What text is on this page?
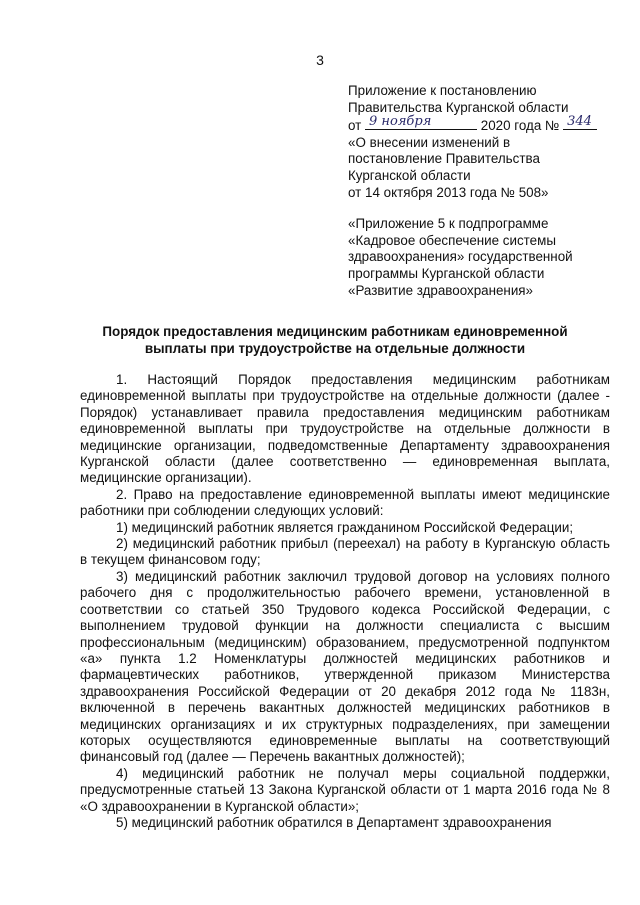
3
Приложение к постановлению
Правительства Курганской области
от 9 ноября	2020 года № 344
«О внесении изменений в
постановление Правительства
Курганской области
от 14 октября 2013 года № 508»
«Приложение 5 к подпрограмме
«Кадровое обеспечение системы
здравоохранения» государственной
программы Курганской области
«Развитие здравоохранения»
Порядок предоставления медицинским работникам единовременной
выплаты при трудоустройстве на отдельные должности

1. Настоящий Порядок предоставления медицинским работникам единовременной выплаты при трудоустройстве на отдельные должности (далее - Порядок) устанавливает правила предоставления медицинским работникам единовременной выплаты при трудоустройстве на отдельные должности в медицинские организации, подведомственные Департаменту здравоохранения Курганской области (далее соответственно — единовременная выплата, медицинские организации).

2. Право на предоставление единовременной выплаты имеют медицинские работники при соблюдении следующих условий:

1) медицинский работник является гражданином Российской Федерации;

2) медицинский работник прибыл (переехал) на работу в Курганскую область в текущем финансовом году;

3) медицинский работник заключил трудовой договор на условиях полного рабочего дня с продолжительностью рабочего времени, установленной в соответствии со статьей 350 Трудового кодекса Российской Федерации, с выполнением трудовой функции на должности специалиста с высшим профессиональным (медицинским) образованием, предусмотренной подпунктом «а» пункта 1.2 Номенклатуры должностей медицинских работников и фармацевтических работников, утвержденной приказом Министерства здравоохранения Российской Федерации от 20 декабря 2012 года № 1183н, включенной в перечень вакантных должностей медицинских работников в медицинских организациях и их структурных подразделениях, при замещении которых осуществляются единовременные выплаты на соответствующий финансовый год (далее — Перечень вакантных должностей);

4) медицинский работник не получал меры социальной поддержки, предусмотренные статьей 13 Закона Курганской области от 1 марта 2016 года № 8 «О здравоохранении в Курганской области»;

5) медицинский работник обратился в Департамент здравоохранения
